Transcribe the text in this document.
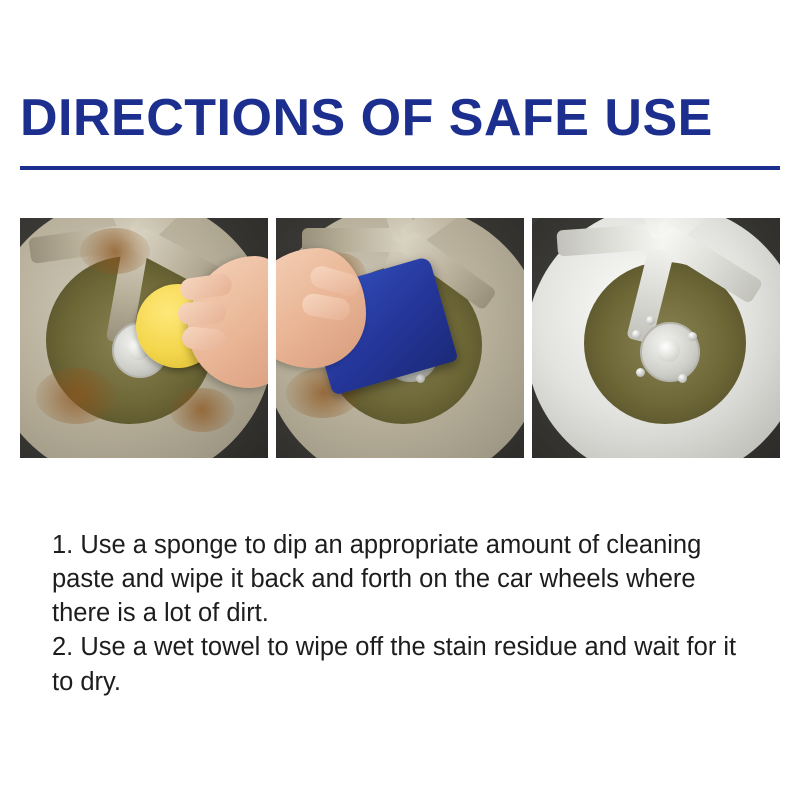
DIRECTIONS OF SAFE USE

1. Use a sponge to dip an appropriate amount of cleaning paste and wipe it back and forth on the car wheels where there is a lot of dirt.

2. Use a wet towel to wipe off the stain residue and wait for it to dry.
